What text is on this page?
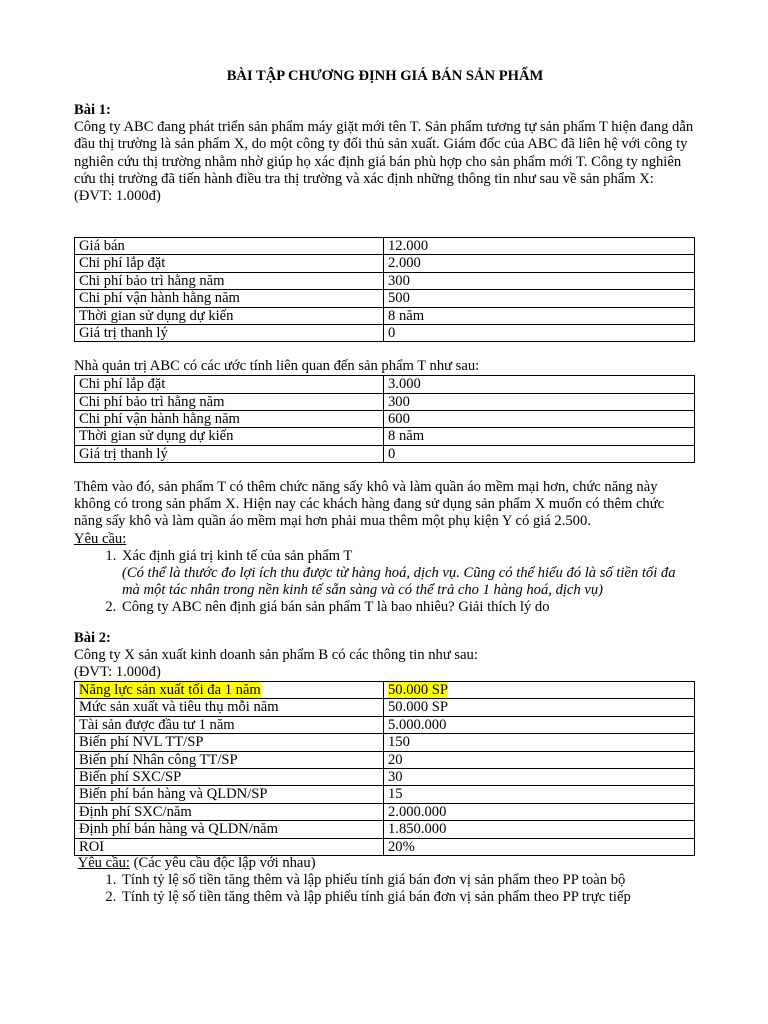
BÀI TẬP CHƯƠNG ĐỊNH GIÁ BÁN SẢN PHẨM

Bài 1:

Công ty ABC đang phát triển sản phẩm máy giặt mới tên T. Sản phẩm tương tự sản phẩm T hiện đang dẫn đầu thị trường là sản phẩm X, do một công ty đối thủ sản xuất. Giám đốc của ABC đã liên hệ với công ty nghiên cứu thị trường nhằm nhờ giúp họ xác định giá bán phù hợp cho sản phẩm mới T. Công ty nghiên cứu thị trường đã tiến hành điều tra thị trường và xác định những thông tin như sau về sản phẩm X:

(ĐVT: 1.000đ)

Giá bán	12.000
Chi phí lắp đặt	2.000
Chi phí bảo trì hằng năm	300
Chi phí vận hành hằng năm	500
Thời gian sử dụng dự kiến	8 năm
Giá trị thanh lý	0

Nhà quản trị ABC có các ước tính liên quan đến sản phẩm T như sau:

Chi phí lắp đặt	3.000
Chi phí bảo trì hằng năm	300
Chi phí vận hành hằng năm	600
Thời gian sử dụng dự kiến	8 năm
Giá trị thanh lý	0

Thêm vào đó, sản phẩm T có thêm chức năng sấy khô và làm quần áo mềm mại hơn, chức năng này không có trong sản phẩm X. Hiện nay các khách hàng đang sử dụng sản phẩm X muốn có thêm chức năng sấy khô và làm quần áo mềm mại hơn phải mua thêm một phụ kiện Y có giá 2.500.

Yêu cầu:

1. Xác định giá trị kinh tế của sản phẩm T
(Có thể là thước đo lợi ích thu được từ hàng hoá, dịch vụ. Cũng có thể hiểu đó là số tiền tối đa mà một tác nhân trong nền kinh tế sẵn sàng và có thể trả cho 1 hàng hoá, dịch vụ)
2. Công ty ABC nên định giá bán sản phẩm T là bao nhiêu? Giải thích lý do

Bài 2:

Công ty X sản xuất kinh doanh sản phẩm B có các thông tin như sau:

(ĐVT: 1.000đ)

Năng lực sản xuất tối đa 1 năm	50.000 SP
Mức sản xuất và tiêu thụ mỗi năm	50.000 SP
Tài sản được đầu tư 1 năm	5.000.000
Biến phí NVL TT/SP	150
Biến phí Nhân công TT/SP	20
Biến phí SXC/SP	30
Biến phí bán hàng và QLDN/SP	15
Định phí SXC/năm	2.000.000
Định phí bán hàng và QLDN/năm	1.850.000
ROI	20%

Yêu cầu: (Các yêu cầu độc lập với nhau)

1. Tính tỷ lệ số tiền tăng thêm và lập phiếu tính giá bán đơn vị sản phẩm theo PP toàn bộ
2. Tính tỷ lệ số tiền tăng thêm và lập phiếu tính giá bán đơn vị sản phẩm theo PP trực tiếp
